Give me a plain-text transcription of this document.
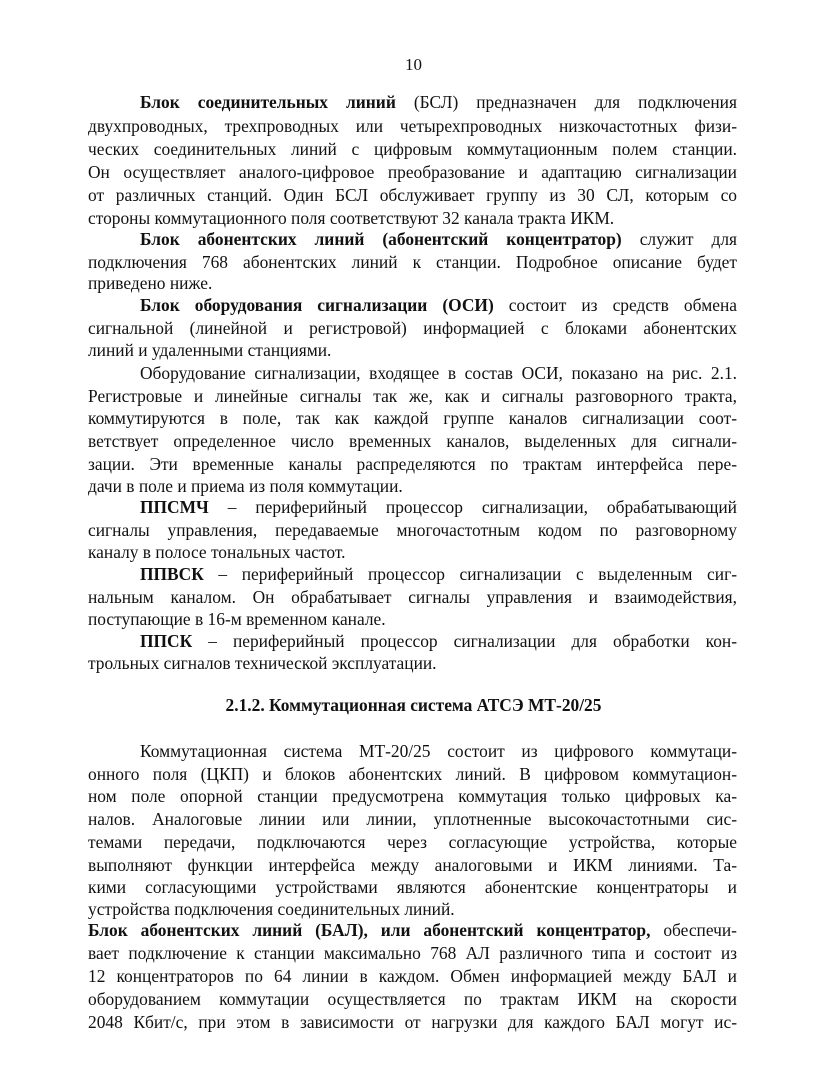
10
Блок соединительных линий (БСЛ) предназначен для подключения
двухпроводных, трехпроводных или четырехпроводных низкочастотных физи-
ческих соединительных линий с цифровым коммутационным полем станции.
Он осуществляет аналого-цифровое преобразование и адаптацию сигнализации
от различных станций. Один БСЛ обслуживает группу из 30 СЛ, которым со
стороны коммутационного поля соответствуют 32 канала тракта ИКМ.
Блок абонентских линий (абонентский концентратор) служит для
подключения 768 абонентских линий к станции. Подробное описание будет
приведено ниже.
Блок оборудования сигнализации (ОСИ) состоит из средств обмена
сигнальной (линейной и регистровой) информацией с блоками абонентских
линий и удаленными станциями.
Оборудование сигнализации, входящее в состав ОСИ, показано на рис. 2.1.
Регистровые и линейные сигналы так же, как и сигналы разговорного тракта,
коммутируются в поле, так как каждой группе каналов сигнализации соот-
ветствует определенное число временных каналов, выделенных для сигнали-
зации. Эти временные каналы распределяются по трактам интерфейса пере-
дачи в поле и приема из поля коммутации.
ППСМЧ – периферийный процессор сигнализации, обрабатывающий
сигналы управления, передаваемые многочастотным кодом по разговорному
каналу в полосе тональных частот.
ППВСК – периферийный процессор сигнализации с выделенным сиг-
нальным каналом. Он обрабатывает сигналы управления и взаимодействия,
поступающие в 16-м временном канале.
ППСК – периферийный процессор сигнализации для обработки кон-
трольных сигналов технической эксплуатации.
2.1.2. Коммутационная система АТСЭ МТ-20/25
Коммутационная система МТ-20/25 состоит из цифрового коммутаци-
онного поля (ЦКП) и блоков абонентских линий. В цифровом коммутацион-
ном поле опорной станции предусмотрена коммутация только цифровых ка-
налов. Аналоговые линии или линии, уплотненные высокочастотными сис-
темами передачи, подключаются через согласующие устройства, которые
выполняют функции интерфейса между аналоговыми и ИКМ линиями. Та-
кими согласующими устройствами являются абонентские концентраторы и
устройства подключения соединительных линий.
Блок абонентских линий (БАЛ), или абонентский концентратор, обеспечи-
вает подключение к станции максимально 768 АЛ различного типа и состоит из
12 концентраторов по 64 линии в каждом. Обмен информацией между БАЛ и
оборудованием коммутации осуществляется по трактам ИКМ на скорости
2048 Кбит/с, при этом в зависимости от нагрузки для каждого БАЛ могут ис-
